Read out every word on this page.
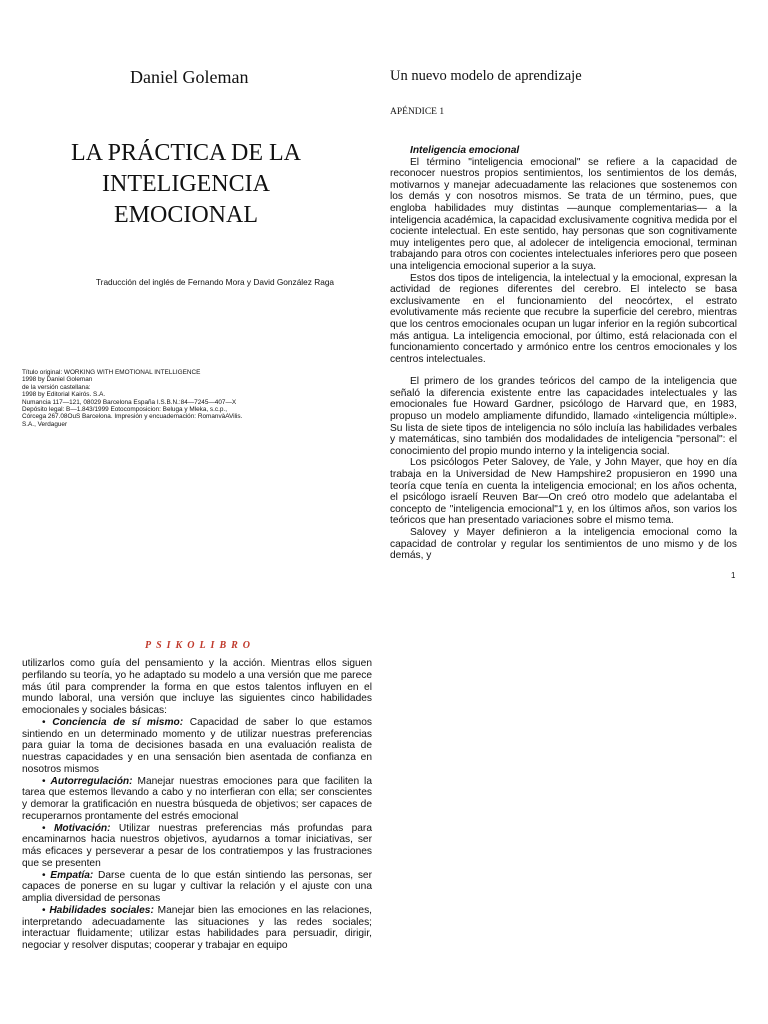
Daniel Goleman
LA PRÁCTICA DE LA
INTELIGENCIA
EMOCIONAL
Traducción del inglés de Fernando Mora y David González Raga
Título original: WORKING WITH EMOTIONAL INTELLIGENCE
1998 by Daniel Goleman
de la versión castellana:
1998 by Editorial Kairós. S.A.
Numancia 117—121, 08029 Barcelona España I.S.B.N.:84—7245—407—X
Depósito legal: B—1.843/1999 Eotocomposicion: Beluga y Mleka, s.c.p.,
Córcega 267.08OuS Barcelona. Impresión y encuademación: RomanvàAVilis.
S.A., Verdaguer
Un nuevo modelo de aprendizaje
APÉNDICE 1

Inteligencia emocional

El término "inteligencia emocional" se refiere a la capacidad de reconocer nuestros propios sentimientos, los sentimientos de los demás, motivarnos y manejar adecuadamente las relaciones que sostenemos con los demás y con nosotros mismos. Se trata de un término, pues, que engloba habilidades muy distintas —aunque complementarias— a la inteligencia académica, la capacidad exclusivamente cognitiva medida por el cociente intelectual. En este sentido, hay personas que son cognitivamente muy inteligentes pero que, al adolecer de inteligencia emocional, terminan trabajando para otros con cocientes intelectuales inferiores pero que poseen una inteligencia emocional superior a la suya.

Estos dos tipos de inteligencia, la intelectual y la emocional, expresan la actividad de regiones diferentes del cerebro. El intelecto se basa exclusivamente en el funcionamiento del neocórtex, el estrato evolutivamente más reciente que recubre la superficie del cerebro, mientras que los centros emocionales ocupan un lugar inferior en la región subcortical más antigua. La inteligencia emocional, por último, está relacionada con el funcionamiento concertado y armónico entre los centros emocionales y los centros intelectuales.

El primero de los grandes teóricos del campo de la inteligencia que señaló la diferencia existente entre las capacidades intelectuales y las emocionales fue Howard Gardner, psicólogo de Harvard que, en 1983, propuso un modelo ampliamente difundido, llamado «inteligencia múltiple». Su lista de siete tipos de inteligencia no sólo incluía las habilidades verbales y matemáticas, sino también dos modalidades de inteligencia "personal": el conocimiento del propio mundo interno y la inteligencia social.

Los psicólogos Peter Salovey, de Yale, y John Mayer, que hoy en día trabaja en la Universidad de New Hampshire2 propusieron en 1990 una teoría cque tenía en cuenta la inteligencia emocional; en los años ochenta, el psicólogo israelí Reuven Bar—On creó otro modelo que adelantaba el concepto de "inteligencia emocional"1 y, en los últimos años, son varios los teóricos que han presentado variaciones sobre el mismo tema.

Salovey y Mayer definieron a la inteligencia emocional como la capacidad de controlar y regular los sentimientos de uno mismo y de los demás, y

1
PSIKOLIBRO

utilizarlos como guía del pensamiento y la acción. Mientras ellos siguen perfilando su teoría, yo he adaptado su modelo a una versión que me parece más útil para comprender la forma en que estos talentos influyen en el mundo laboral, una versión que incluye las siguientes cinco habilidades emocionales y sociales básicas:

• Conciencia de sí mismo: Capacidad de saber lo que estamos sintiendo en un determinado momento y de utilizar nuestras preferencias para guiar la toma de decisiones basada en una evaluación realista de nuestras capacidades y en una sensación bien asentada de confianza en nosotros mismos

• Autorregulación: Manejar nuestras emociones para que faciliten la tarea que estemos llevando a cabo y no interfieran con ella; ser conscientes y demorar la gratificación en nuestra búsqueda de objetivos; ser capaces de recuperarnos prontamente del estrés emocional

• Motivación: Utilizar nuestras preferencias más profundas para encaminarnos hacia nuestros objetivos, ayudarnos a tomar iniciativas, ser más eficaces y perseverar a pesar de los contratiempos y las frustraciones que se presenten

• Empatía: Darse cuenta de lo que están sintiendo las personas, ser capaces de ponerse en su lugar y cultivar la relación y el ajuste con una amplia diversidad de personas

• Habilidades sociales: Manejar bien las emociones en las relaciones, interpretando adecuadamente las situaciones y las redes sociales; interactuar fluidamente; utilizar estas habilidades para persuadir, dirigir, negociar y resolver disputas; cooperar y trabajar en equipo
